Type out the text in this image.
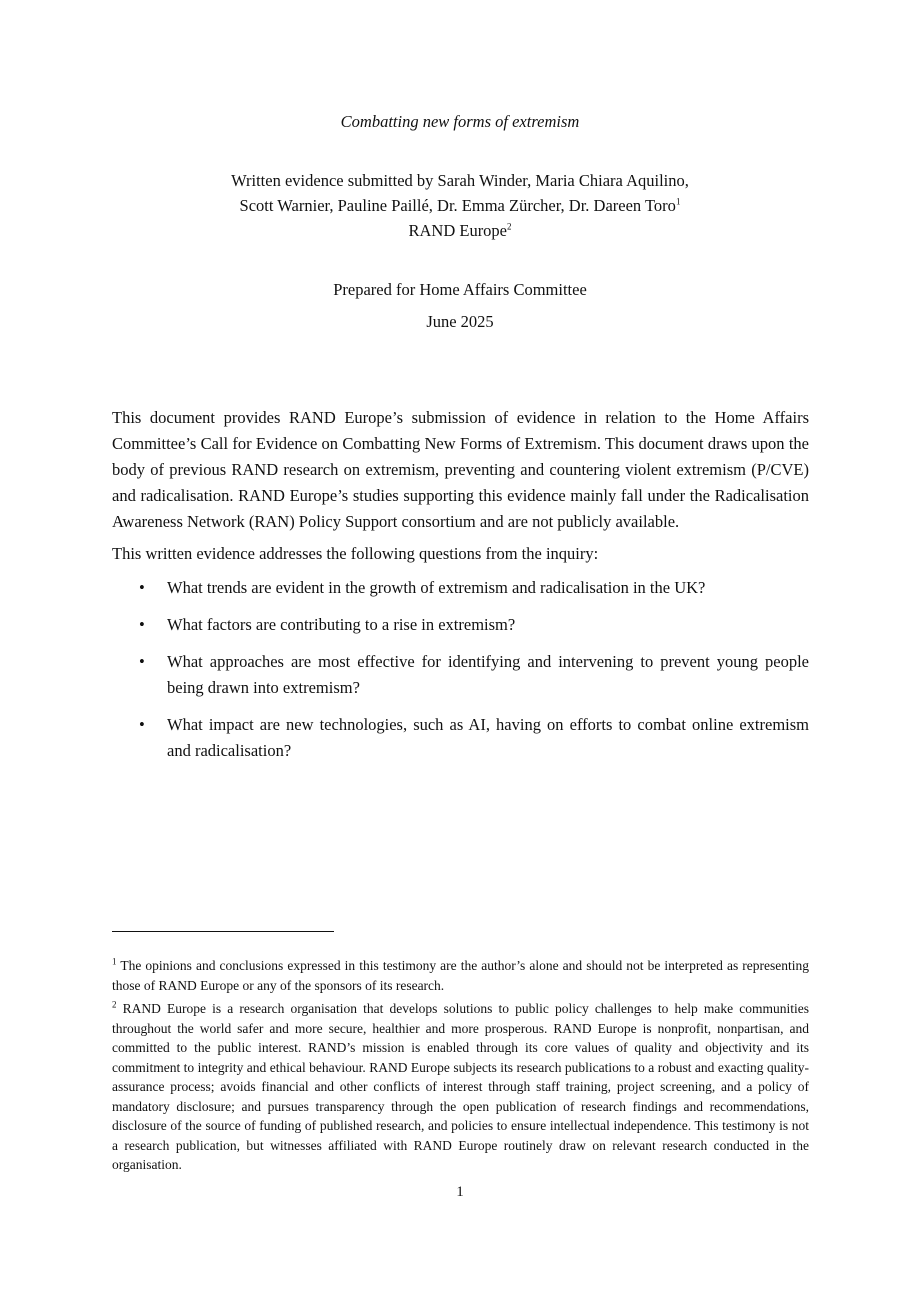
Combatting new forms of extremism
Written evidence submitted by Sarah Winder, Maria Chiara Aquilino,
Scott Warnier, Pauline Paillé, Dr. Emma Zürcher, Dr. Dareen Toro$^1$
RAND Europe$^2$
Prepared for Home Affairs Committee
June 2025

This document provides RAND Europe’s submission of evidence in relation to the Home Affairs Committee’s Call for Evidence on Combatting New Forms of Extremism. This document draws upon the body of previous RAND research on extremism, preventing and countering violent extremism (P/CVE) and radicalisation. RAND Europe’s studies supporting this evidence mainly fall under the Radicalisation Awareness Network (RAN) Policy Support consortium and are not publicly available.

This written evidence addresses the following questions from the inquiry:

• What trends are evident in the growth of extremism and radicalisation in the UK?
• What factors are contributing to a rise in extremism?
• What approaches are most effective for identifying and intervening to prevent young people being drawn into extremism?
• What impact are new technologies, such as AI, having on efforts to combat online extremism and radicalisation?

$^1$ The opinions and conclusions expressed in this testimony are the author’s alone and should not be interpreted as representing those of RAND Europe or any of the sponsors of its research.

$^2$ RAND Europe is a research organisation that develops solutions to public policy challenges to help make communities throughout the world safer and more secure, healthier and more prosperous. RAND Europe is nonprofit, nonpartisan, and committed to the public interest. RAND’s mission is enabled through its core values of quality and objectivity and its commitment to integrity and ethical behaviour. RAND Europe subjects its research publications to a robust and exacting quality-assurance process; avoids financial and other conflicts of interest through staff training, project screening, and a policy of mandatory disclosure; and pursues transparency through the open publication of research findings and recommendations, disclosure of the source of funding of published research, and policies to ensure intellectual independence. This testimony is not a research publication, but witnesses affiliated with RAND Europe routinely draw on relevant research conducted in the organisation.

1
